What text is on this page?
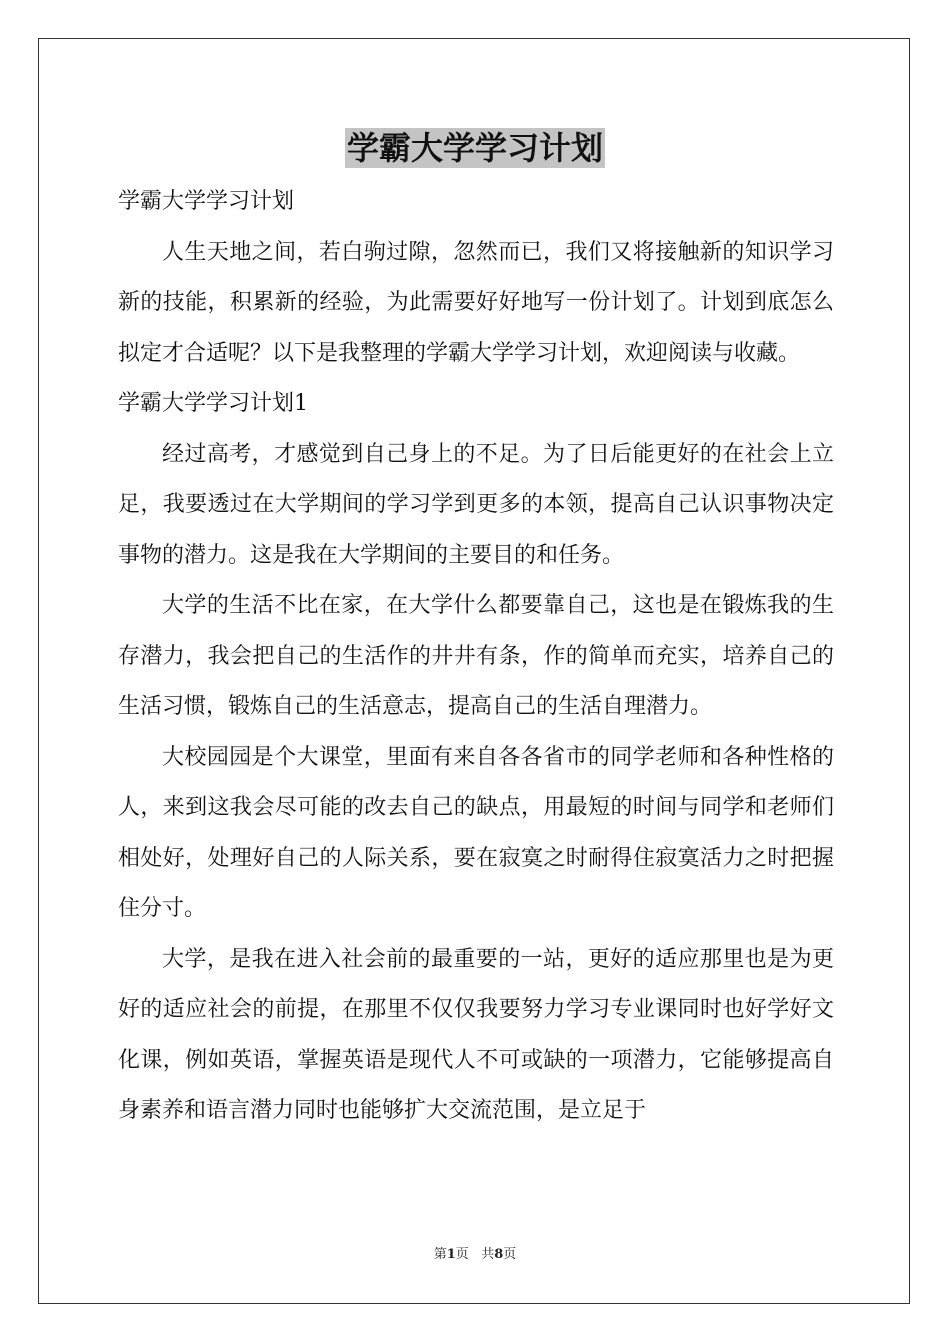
学霸大学学习计划

学霸大学学习计划

人生天地之间，若白驹过隙，忽然而已，我们又将接触新的知识学习新的技能，积累新的经验，为此需要好好地写一份计划了。计划到底怎么拟定才合适呢？以下是我整理的学霸大学学习计划，欢迎阅读与收藏。

学霸大学学习计划1

经过高考，才感觉到自己身上的不足。为了日后能更好的在社会上立足，我要透过在大学期间的学习学到更多的本领，提高自己认识事物决定事物的潜力。这是我在大学期间的主要目的和任务。

大学的生活不比在家，在大学什么都要靠自己，这也是在锻炼我的生存潜力，我会把自己的生活作的井井有条，作的简单而充实，培养自己的生活习惯，锻炼自己的生活意志，提高自己的生活自理潜力。

大校园园是个大课堂，里面有来自各各省市的同学老师和各种性格的人，来到这我会尽可能的改去自己的缺点，用最短的时间与同学和老师们相处好，处理好自己的人际关系，要在寂寞之时耐得住寂寞活力之时把握住分寸。

大学，是我在进入社会前的最重要的一站，更好的适应那里也是为更好的适应社会的前提，在那里不仅仅我要努力学习专业课同时也好学好文化课，例如英语，掌握英语是现代人不可或缺的一项潜力，它能够提高自身素养和语言潜力同时也能够扩大交流范围，是立足于

第1页 共8页
